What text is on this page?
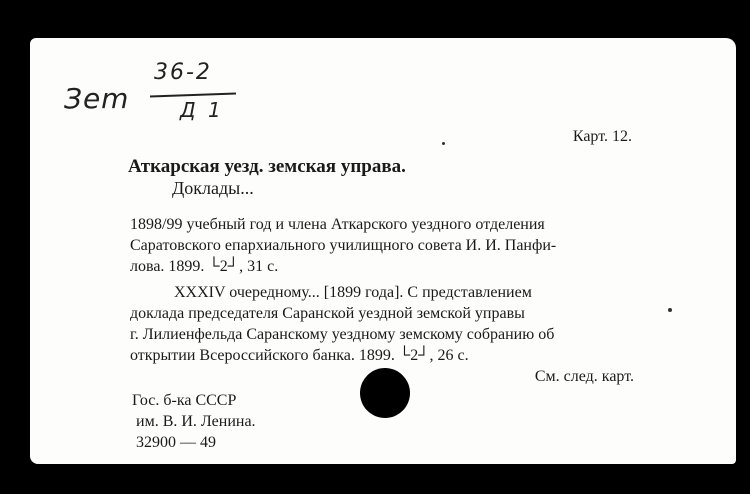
Зem
36-2
Д 1
Карт. 12.
Аткарская уезд. земская управа.
Доклады...
1898/99 учебный год и члена Аткарского уездного отделения
Саратовского епархиального училищного совета И. И. Панфи-
лова. 1899. └2┘, 31 с.
XXXIV очередному... [1899 года]. С представлением
доклада председателя Саранской уездной земской управы
г. Лилиенфельда Саранскому уездному земскому собранию об
открытии Всероссийского банка. 1899. └2┘, 26 с.
См. след. карт.
Гос. б-ка СССР
им. В. И. Ленина.
32900 — 49
